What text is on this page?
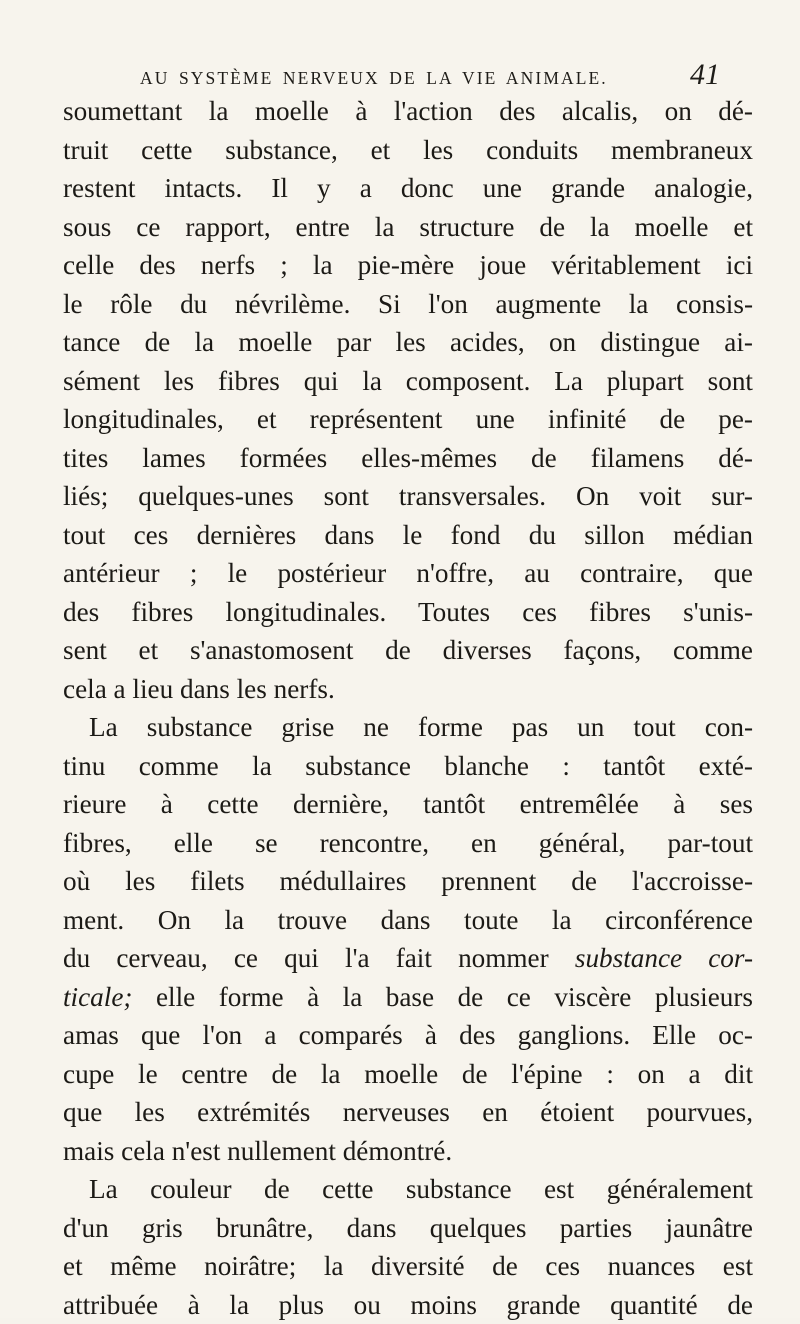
AU SYSTÈME NERVEUX DE LA VIE ANIMALE.	41
soumettant la moelle à l'action des alcalis, on dé-
truit cette substance, et les conduits membraneux
restent intacts. Il y a donc une grande analogie,
sous ce rapport, entre la structure de la moelle et
celle des nerfs ; la pie-mère joue véritablement ici
le rôle du névrilème. Si l'on augmente la consis-
tance de la moelle par les acides, on distingue ai-
sément les fibres qui la composent. La plupart sont
longitudinales, et représentent une infinité de pe-
tites lames formées elles-mêmes de filamens dé-
liés; quelques-unes sont transversales. On voit sur-
tout ces dernières dans le fond du sillon médian
antérieur ; le postérieur n'offre, au contraire, que
des fibres longitudinales. Toutes ces fibres s'unis-
sent et s'anastomosent de diverses façons, comme
cela a lieu dans les nerfs.
La substance grise ne forme pas un tout con-
tinu comme la substance blanche : tantôt exté-
rieure à cette dernière, tantôt entremêlée à ses
fibres, elle se rencontre, en général, par-tout
où les filets médullaires prennent de l'accroisse-
ment. On la trouve dans toute la circonférence
du cerveau, ce qui l'a fait nommer substance cor-
ticale; elle forme à la base de ce viscère plusieurs
amas que l'on a comparés à des ganglions. Elle oc-
cupe le centre de la moelle de l'épine : on a dit
que les extrémités nerveuses en étoient pourvues,
mais cela n'est nullement démontré.
La couleur de cette substance est généralement
d'un gris brunâtre, dans quelques parties jaunâtre
et même noirâtre; la diversité de ces nuances est
attribuée à la plus ou moins grande quantité de
